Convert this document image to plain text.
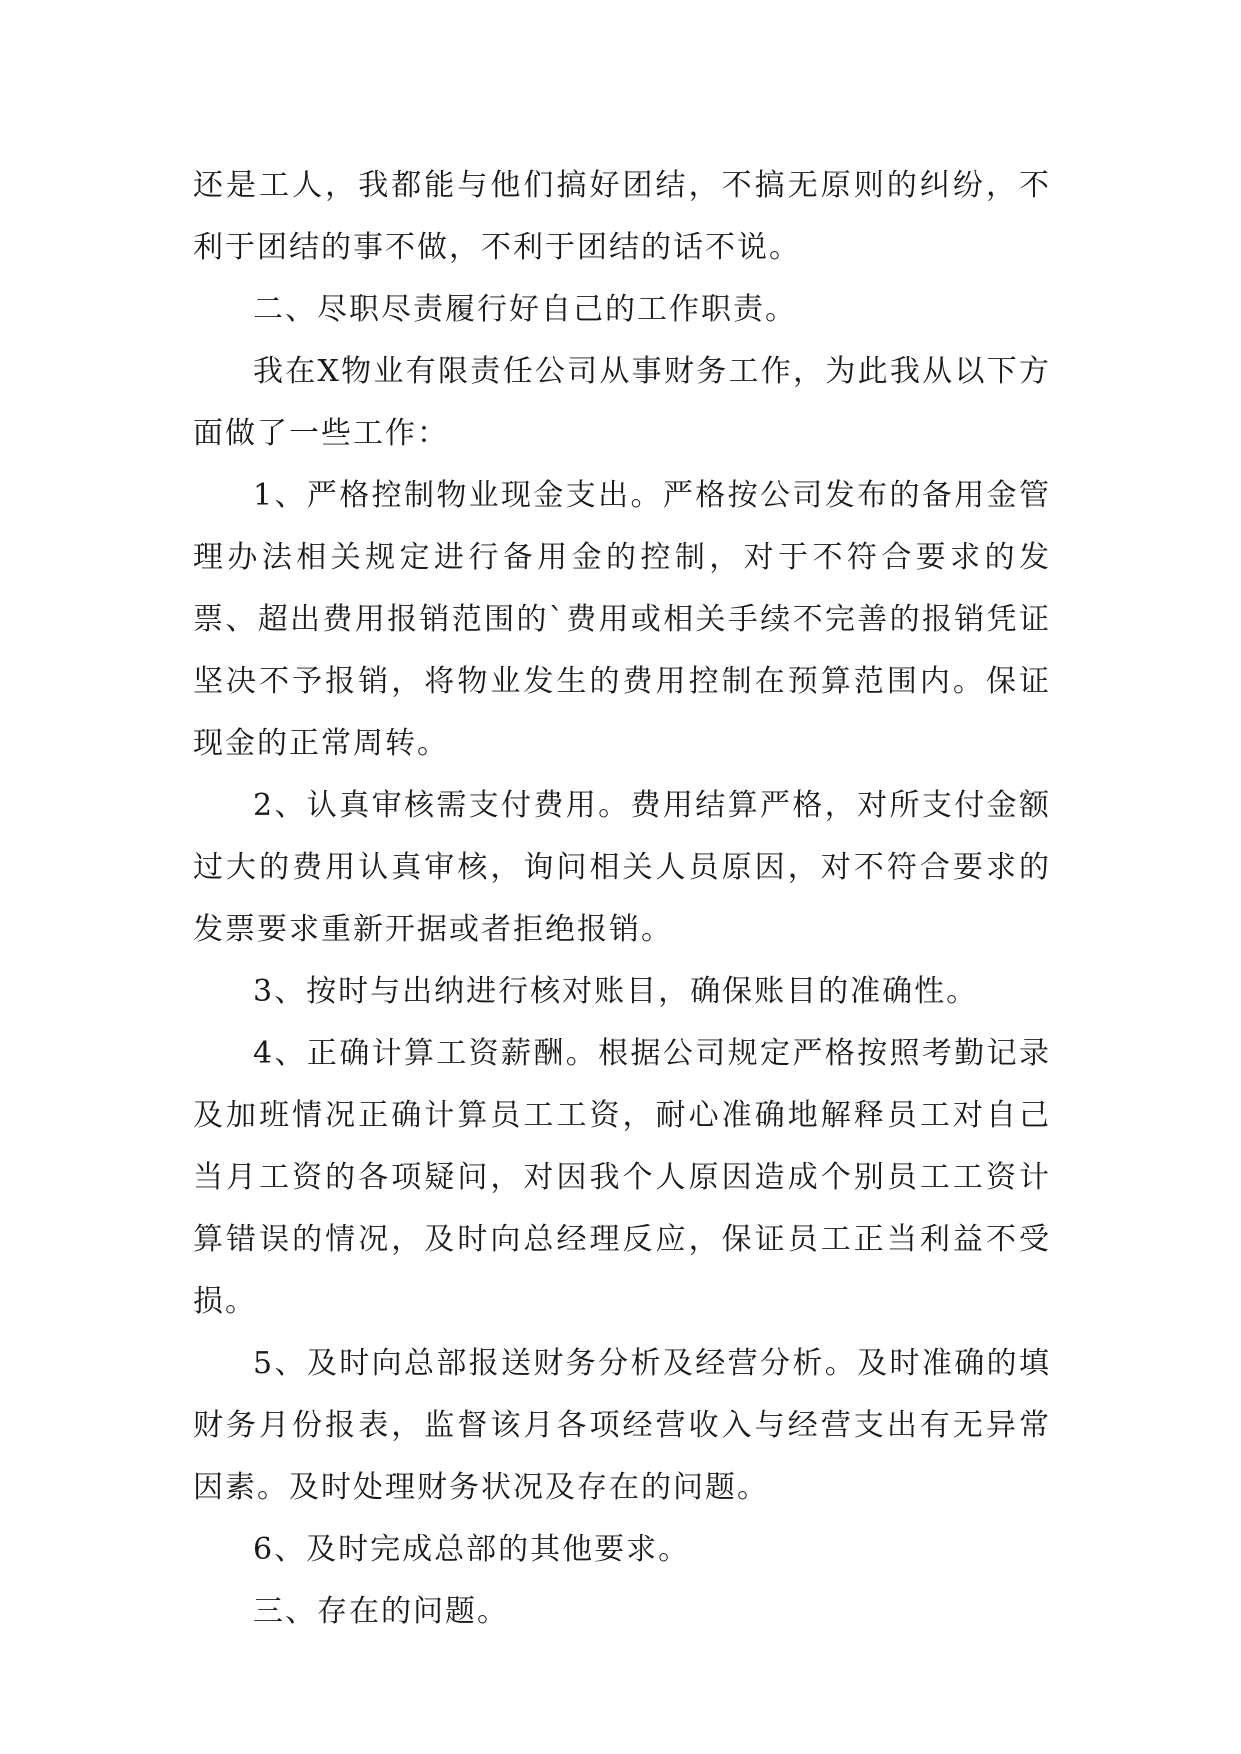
还是工人，我都能与他们搞好团结，不搞无原则的纠纷，不利于团结的事不做，不利于团结的话不说。

二、尽职尽责履行好自己的工作职责。

我在X物业有限责任公司从事财务工作，为此我从以下方面做了一些工作：

1、严格控制物业现金支出。严格按公司发布的备用金管理办法相关规定进行备用金的控制，对于不符合要求的发票、超出费用报销范围的`费用或相关手续不完善的报销凭证坚决不予报销，将物业发生的费用控制在预算范围内。保证现金的正常周转。

2、认真审核需支付费用。费用结算严格，对所支付金额过大的费用认真审核，询问相关人员原因，对不符合要求的发票要求重新开据或者拒绝报销。

3、按时与出纳进行核对账目，确保账目的准确性。

4、正确计算工资薪酬。根据公司规定严格按照考勤记录及加班情况正确计算员工工资，耐心准确地解释员工对自己当月工资的各项疑问，对因我个人原因造成个别员工工资计算错误的情况，及时向总经理反应，保证员工正当利益不受损。

5、及时向总部报送财务分析及经营分析。及时准确的填财务月份报表，监督该月各项经营收入与经营支出有无异常因素。及时处理财务状况及存在的问题。

6、及时完成总部的其他要求。

三、存在的问题。
